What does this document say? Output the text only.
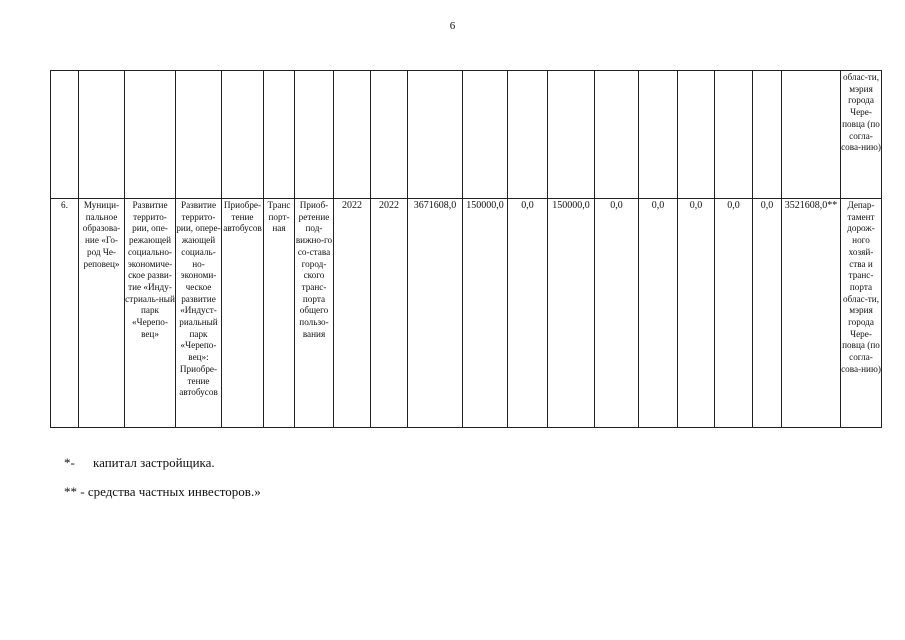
6
																			облас-ти, мэрия города Чере-повца (по согла-сова-нию)
6.	Муници-пальное образова-ние «Го-род Че-реповец»	Развитие террито-рии, опе-режающей социально-экономиче-ское разви-тие «Инду-стриаль-ный парк «Черепо-вец»	Развитие террито-рии, опере-жающей социаль-но-экономи-ческое развитие «Индуст-риальный парк «Черепо-вец»: Приобре-тение автобусов	Приобре-тение автобусов	Транс порт-ная	Приоб-ретение под-вижно-го со-става город-ского транс-порта общего пользо-вания	2022	2022	3671608,0	150000,0	0,0	150000,0	0,0	0,0	0,0	0,0	0,0	3521608,0**	Депар-тамент дорож-ного хозяй-ства и транс-порта облас-ти, мэрия города Чере-повца (по согла-сова-нию)
*- капитал застройщика.
** - средства частных инвесторов.»
